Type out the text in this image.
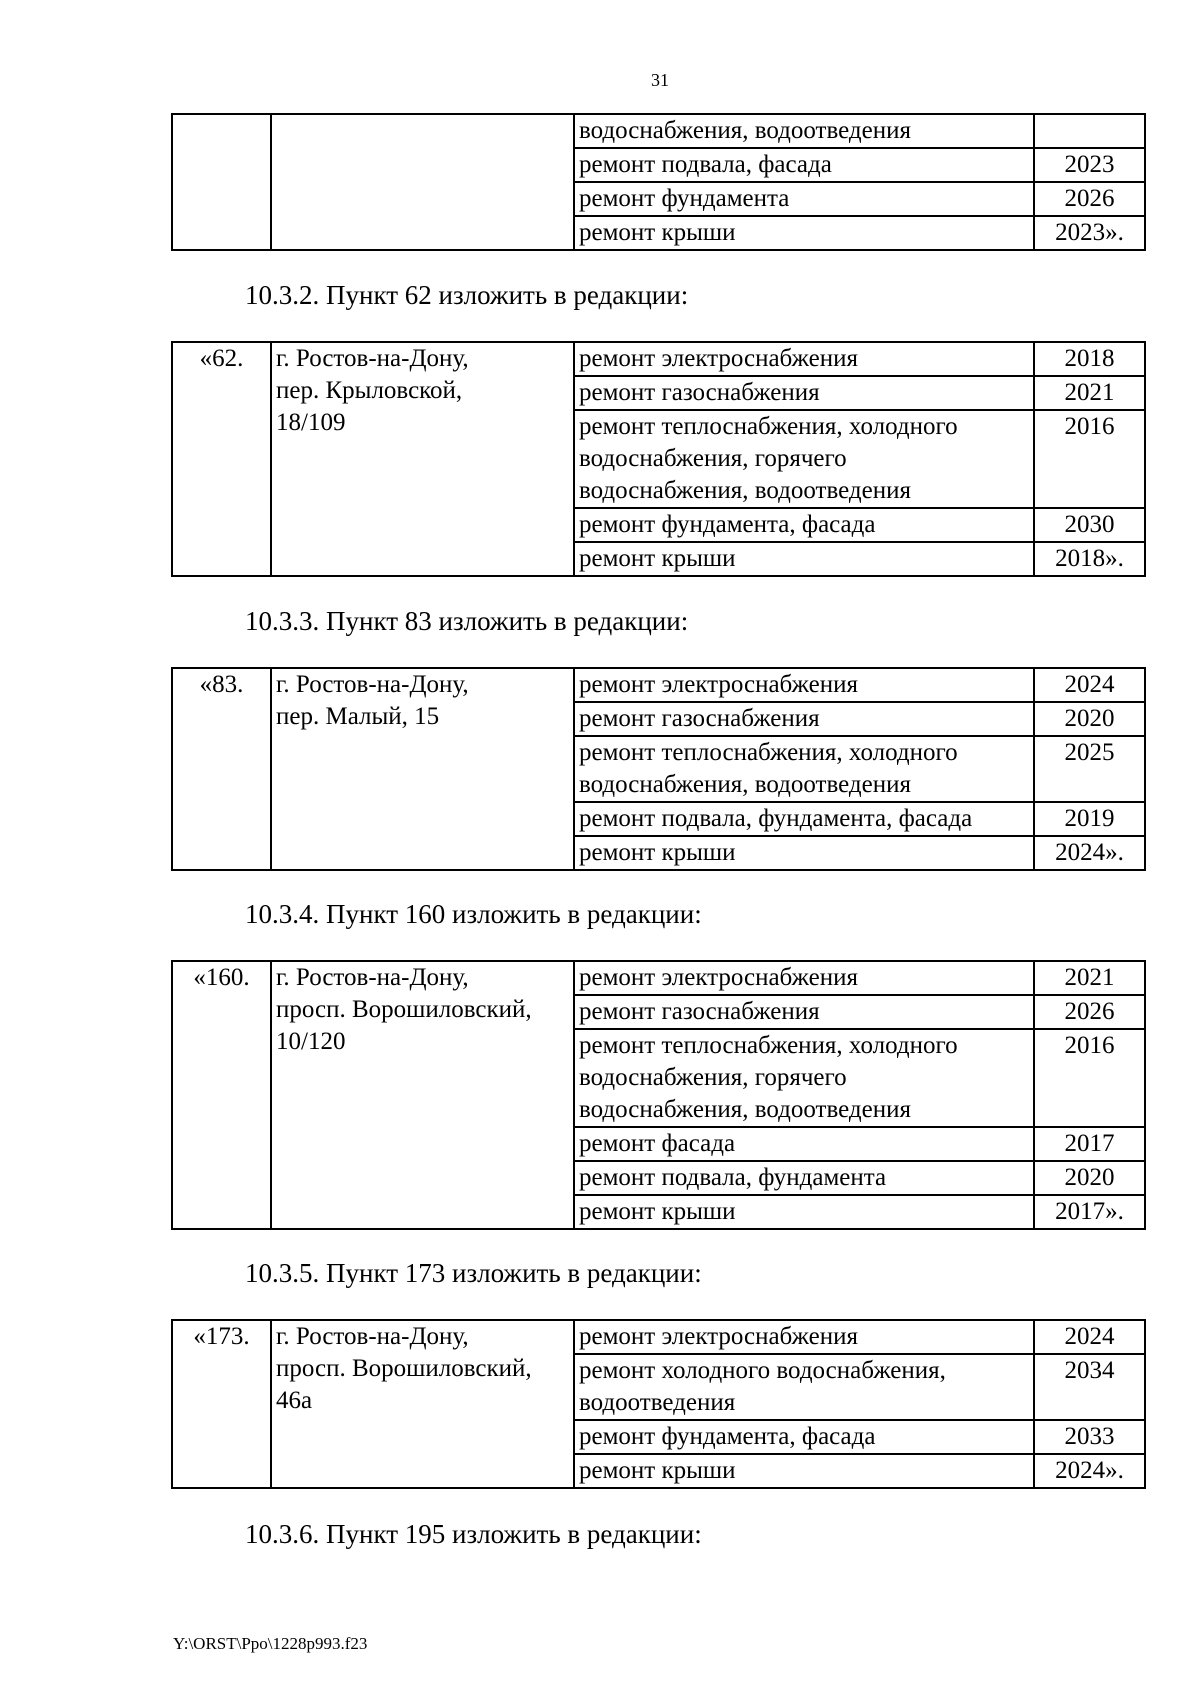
31

		водоснабжения, водоотведения	

		ремонт подвала, фасада	2023

		ремонт фундамента	2026

		ремонт крыши	2023».
10.3.2. Пункт 62 изложить в редакции:
«62.	г. Ростов-на-Дону,
пер. Крыловской,
18/109	ремонт электроснабжения	2018

		ремонт газоснабжения	2021

		ремонт теплоснабжения, холодного
водоснабжения, горячего
водоснабжения, водоотведения	2016

		ремонт фундамента, фасада	2030

		ремонт крыши	2018».
10.3.3. Пункт 83 изложить в редакции:
«83.	г. Ростов-на-Дону,
пер. Малый, 15	ремонт электроснабжения	2024

		ремонт газоснабжения	2020

		ремонт теплоснабжения, холодного
водоснабжения, водоотведения	2025

		ремонт подвала, фундамента, фасада	2019

		ремонт крыши	2024».
10.3.4. Пункт 160 изложить в редакции:
«160.	г. Ростов-на-Дону,
просп. Ворошиловский,
10/120	ремонт электроснабжения	2021

		ремонт газоснабжения	2026

		ремонт теплоснабжения, холодного
водоснабжения, горячего
водоснабжения, водоотведения	2016

		ремонт фасада	2017

		ремонт подвала, фундамента	2020

		ремонт крыши	2017».
10.3.5. Пункт 173 изложить в редакции:
«173.	г. Ростов-на-Дону,
просп. Ворошиловский,
46а	ремонт электроснабжения	2024

		ремонт холодного водоснабжения,
водоотведения	2034

		ремонт фундамента, фасада	2033

		ремонт крыши	2024».
10.3.6. Пункт 195 изложить в редакции:
Y:\ORST\Ppo\1228p993.f23
